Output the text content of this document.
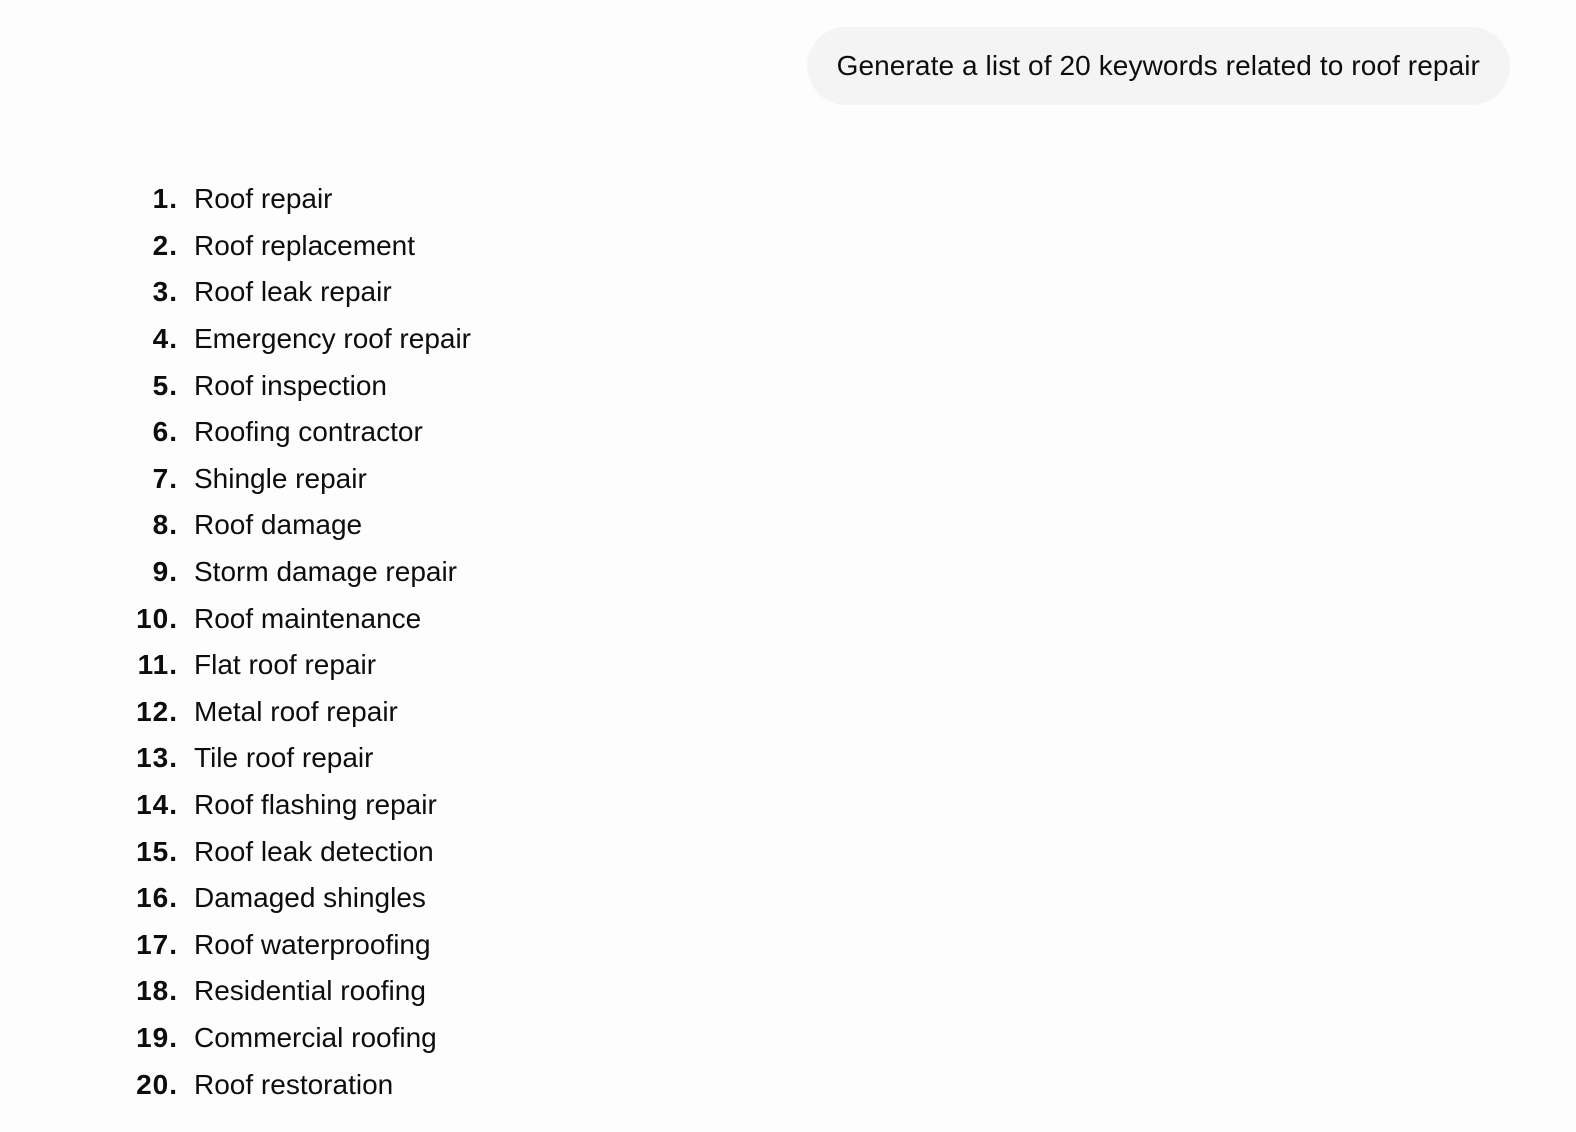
Generate a list of 20 keywords related to roof repair
1. Roof repair
2. Roof replacement
3. Roof leak repair
4. Emergency roof repair
5. Roof inspection
6. Roofing contractor
7. Shingle repair
8. Roof damage
9. Storm damage repair
10. Roof maintenance
11. Flat roof repair
12. Metal roof repair
13. Tile roof repair
14. Roof flashing repair
15. Roof leak detection
16. Damaged shingles
17. Roof waterproofing
18. Residential roofing
19. Commercial roofing
20. Roof restoration
